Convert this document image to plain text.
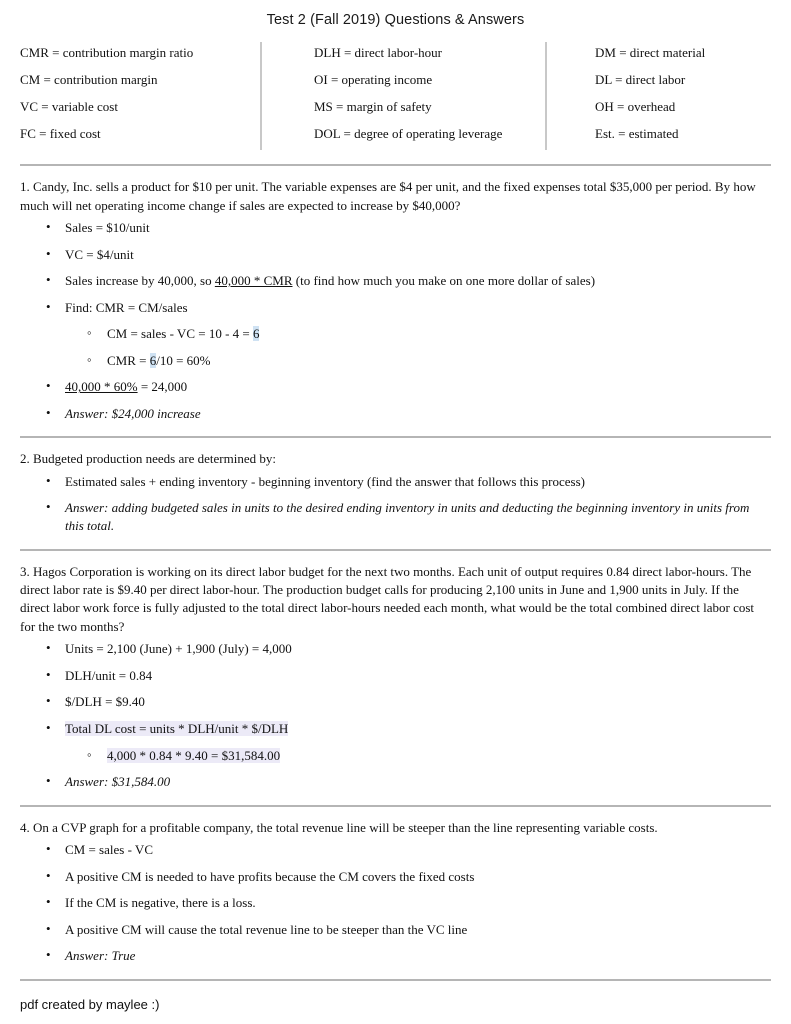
Test 2 (Fall 2019) Questions & Answers

CMR = contribution margin ratio

CM = contribution margin

VC = variable cost

FC = fixed cost

DLH = direct labor-hour

OI = operating income

MS = margin of safety

DOL = degree of operating leverage

DM = direct material

DL = direct labor

OH = overhead

Est. = estimated

1. Candy, Inc. sells a product for $10 per unit. The variable expenses are $4 per unit, and the fixed expenses total $35,000 per period. By how much will net operating income change if sales are expected to increase by $40,000?

• Sales = $10/unit
• VC = $4/unit
• Sales increase by 40,000, so 40,000 * CMR (to find how much you make on one more dollar of sales)
• Find: CMR = CM/sales
◦ CM = sales - VC = 10 - 4 = 6
◦ CMR = 6/10 = 60%
• 40,000 * 60% = 24,000
• Answer: $24,000 increase

2. Budgeted production needs are determined by:

• Estimated sales + ending inventory - beginning inventory (find the answer that follows this process)
• Answer: adding budgeted sales in units to the desired ending inventory in units and deducting the beginning inventory in units from this total.

3. Hagos Corporation is working on its direct labor budget for the next two months. Each unit of output requires 0.84 direct labor-hours. The direct labor rate is $9.40 per direct labor-hour. The production budget calls for producing 2,100 units in June and 1,900 units in July. If the direct labor work force is fully adjusted to the total direct labor-hours needed each month, what would be the total combined direct labor cost for the two months?

• Units = 2,100 (June) + 1,900 (July) = 4,000
• DLH/unit = 0.84
• $/DLH = $9.40
• Total DL cost = units * DLH/unit * $/DLH
◦ 4,000 * 0.84 * 9.40 = $31,584.00
• Answer: $31,584.00

4. On a CVP graph for a profitable company, the total revenue line will be steeper than the line representing variable costs.

• CM = sales - VC
• A positive CM is needed to have profits because the CM covers the fixed costs
• If the CM is negative, there is a loss.
• A positive CM will cause the total revenue line to be steeper than the VC line
• Answer: True

pdf created by maylee :)
